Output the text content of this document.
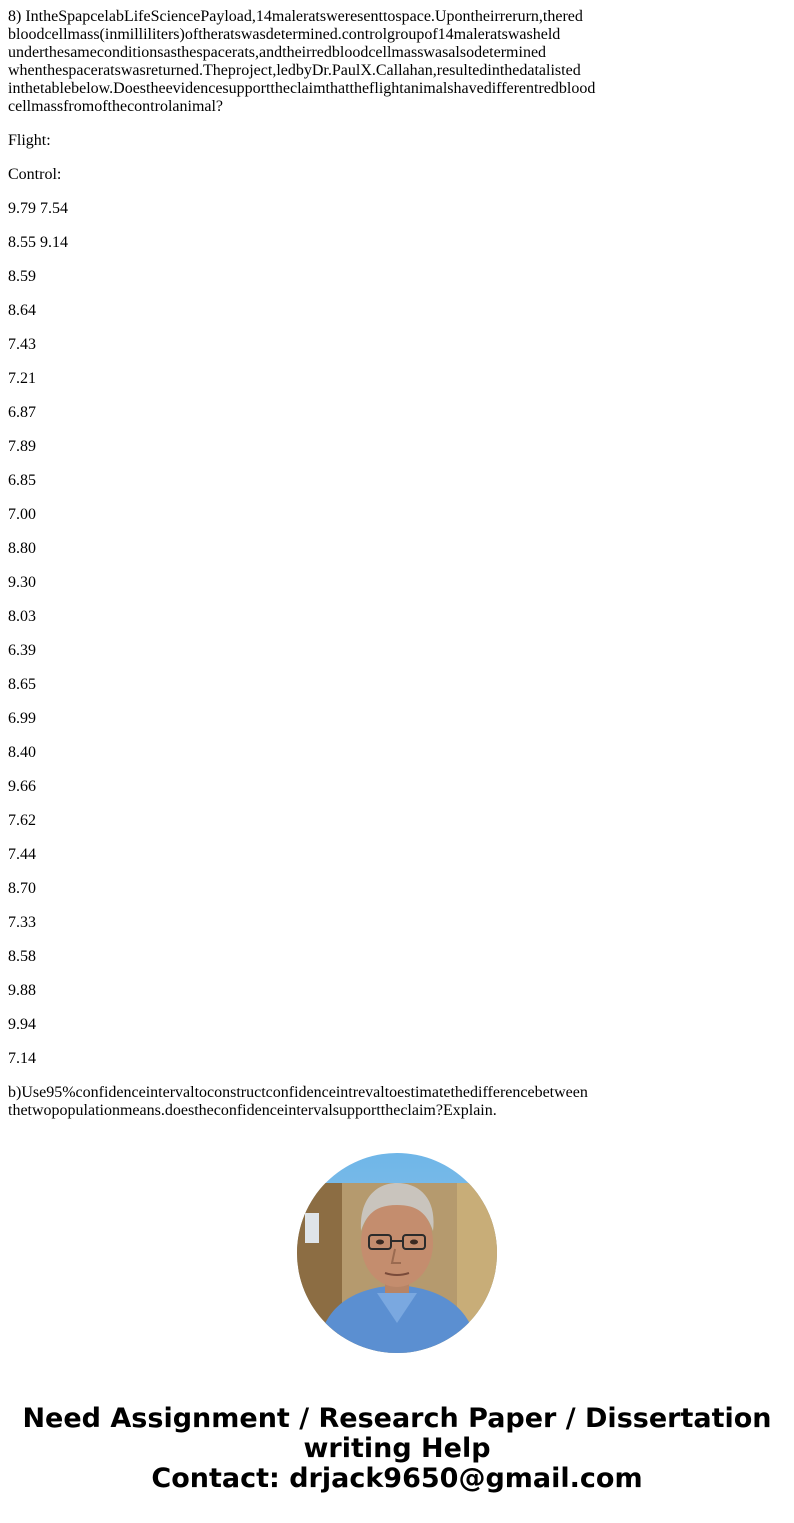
8) IntheSpapcelabLifeSciencePayload,14maleratsweresenttospace.Upontheirrerurn,thered
bloodcellmass(inmilliliters)oftheratswasdetermined.controlgroupof14maleratswasheld
underthesameconditionsasthespacerats,andtheirredbloodcellmasswasalsodetermined
whenthespaceratswasreturned.Theproject,ledbyDr.PaulX.Callahan,resultedinthedatalisted
inthetablebelow.Doestheevidencesupporttheclaimthattheflightanimalshavedifferentredblood
cellmassfromofthecontrolanimal?

Flight:

Control:

9.79 7.54

8.55 9.14

8.59

8.64

7.43

7.21

6.87

7.89

6.85

7.00

8.80

9.30

8.03

6.39

8.65

6.99

8.40

9.66

7.62

7.44

8.70

7.33

8.58

9.88

9.94

7.14

b)Use95%confidenceintervaltoconstructconfidenceintrevaltoestimatethedifferencebetween
thetwopopulationmeans.doestheconfidenceintervalsupporttheclaim?Explain.

Need Assignment / Research Paper / Dissertation
writing Help
Contact: drjack9650@gmail.com
